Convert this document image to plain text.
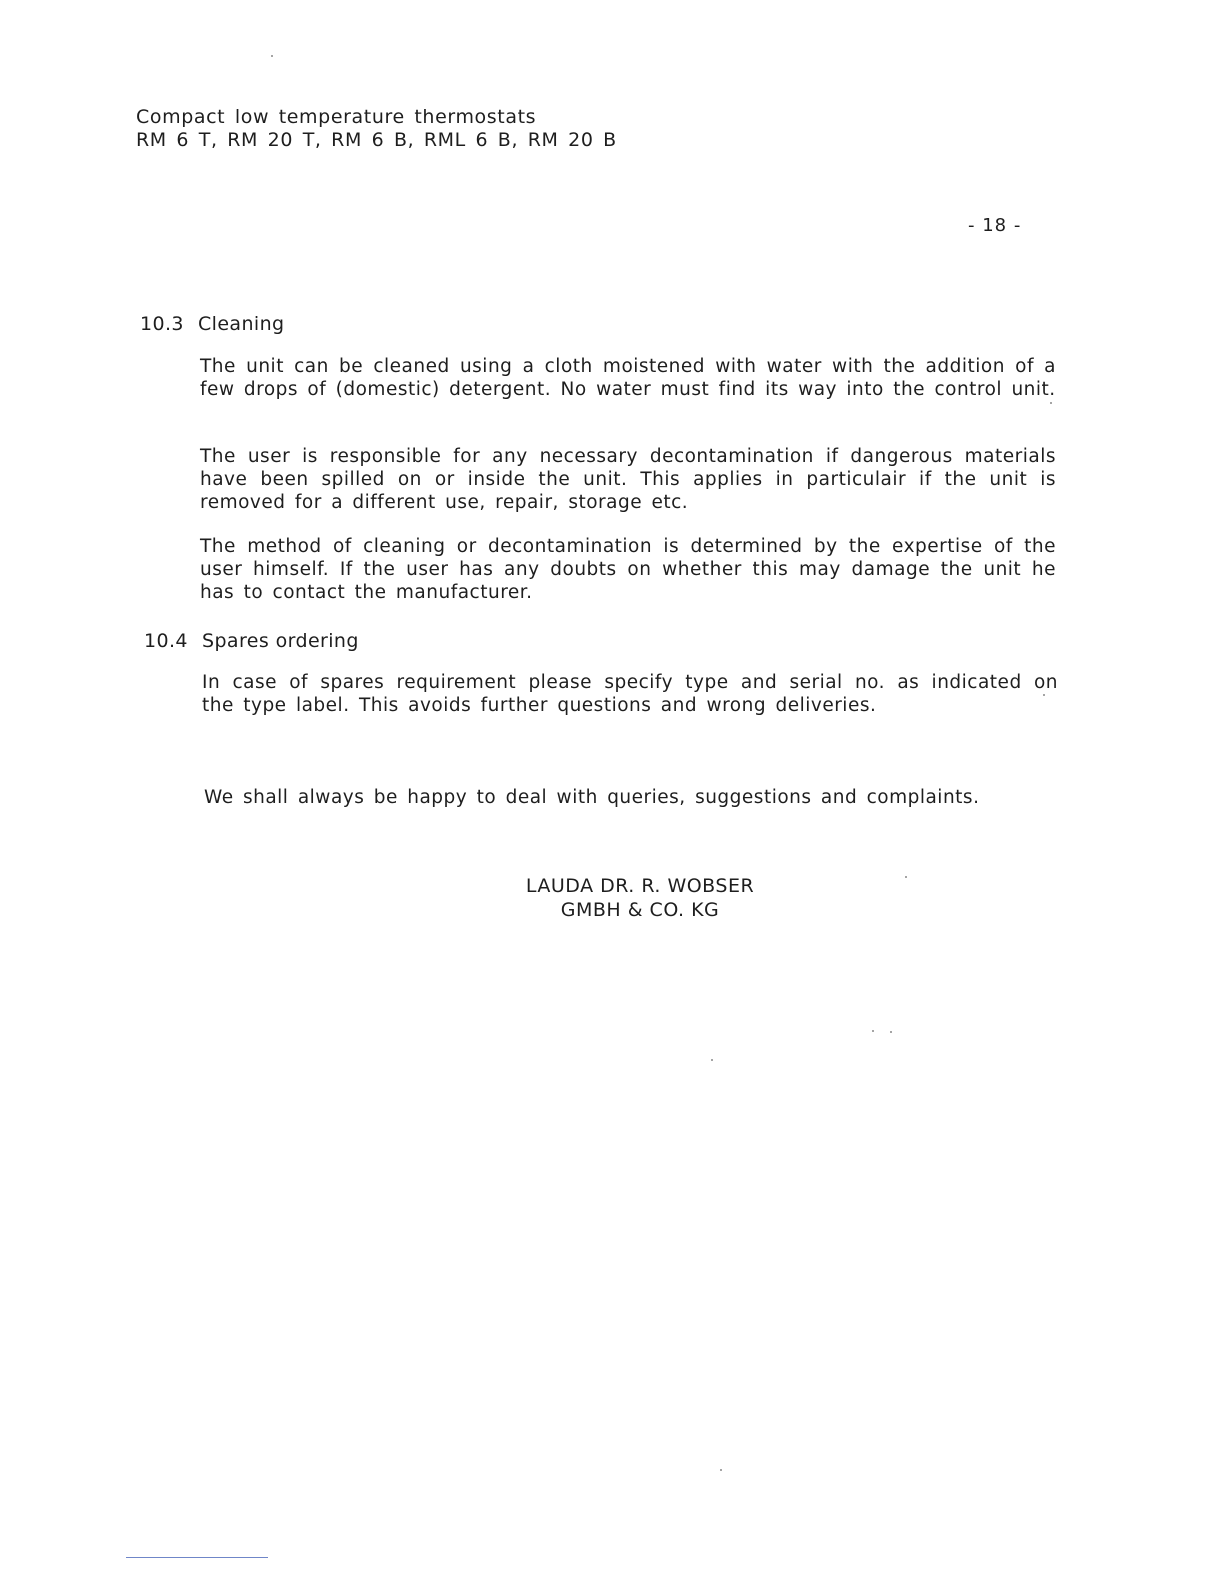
Compact low temperature thermostats
RM 6 T, RM 20 T, RM 6 B, RML 6 B, RM 20 B
- 18 -
10.3 Cleaning
The unit can be cleaned using a cloth moistened with water with the addition of a few drops of (domestic) detergent. No water must find its way into the control unit.
The user is responsible for any necessary decontamination if dangerous materials have been spilled on or inside the unit. This applies in particulair if the unit is removed for a different use, repair, storage etc.
The method of cleaning or decontamination is determined by the expertise of the user himself. If the user has any doubts on whether this may damage the unit he has to contact the manufacturer.
10.4 Spares ordering
In case of spares requirement please specify type and serial no. as indicated on the type label. This avoids further questions and wrong deliveries.
We shall always be happy to deal with queries, suggestions and complaints.
LAUDA DR. R. WOBSER
GMBH & CO. KG
